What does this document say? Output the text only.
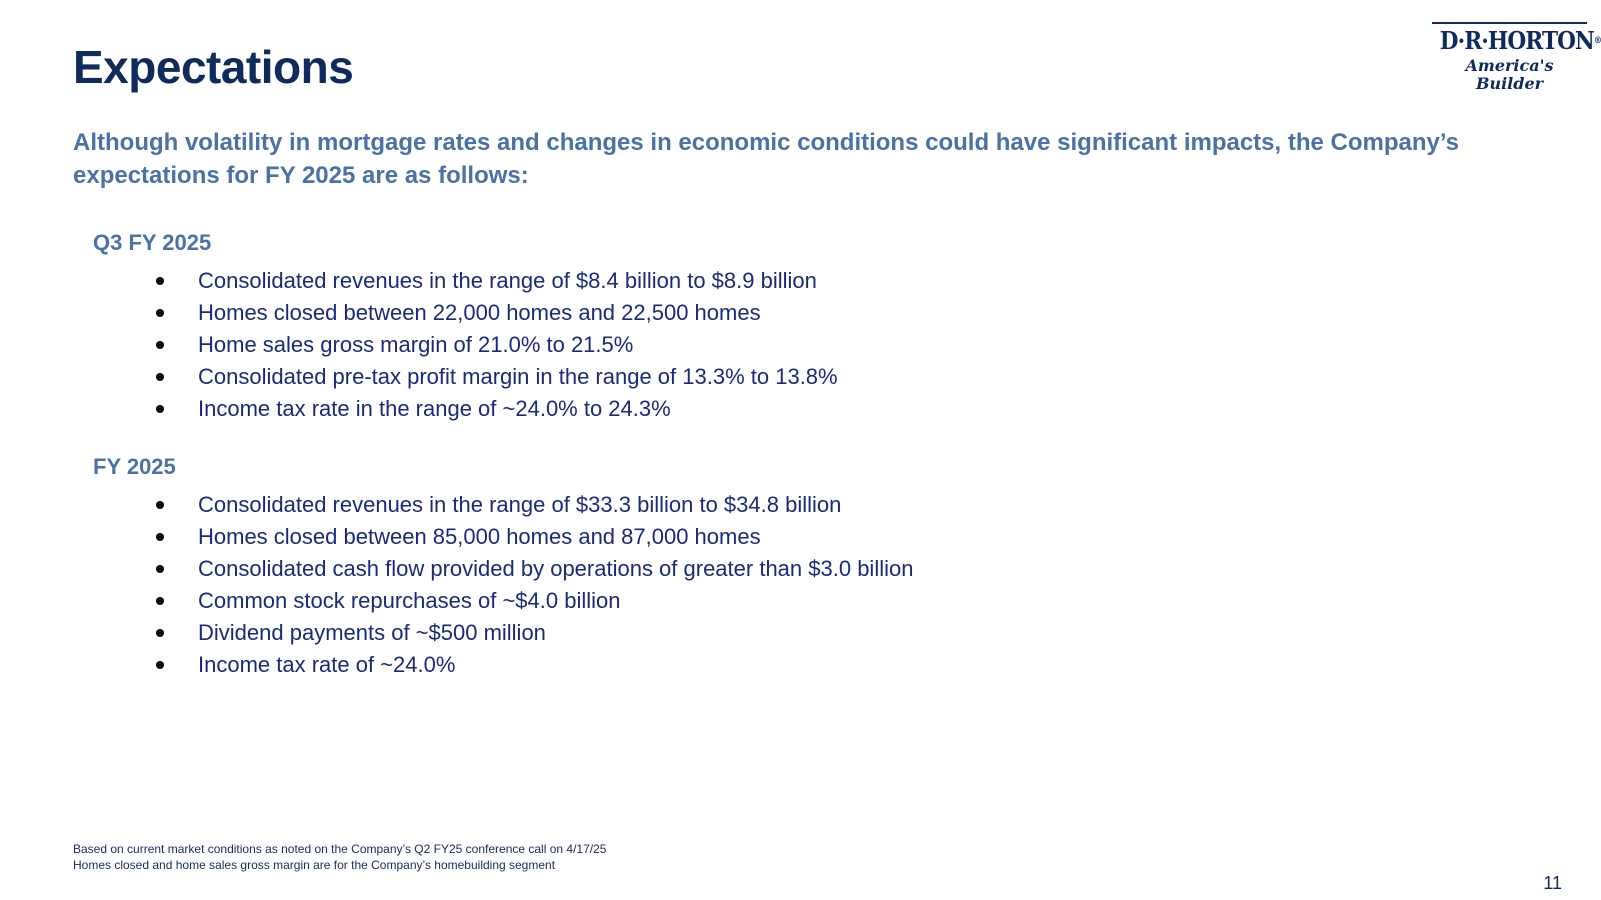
Expectations
D·R·HORTON®
America's Builder

Although volatility in mortgage rates and changes in economic conditions could have significant impacts, the Company’s expectations for FY 2025 are as follows:

Q3 FY 2025
Consolidated revenues in the range of $8.4 billion to $8.9 billion
Homes closed between 22,000 homes and 22,500 homes
Home sales gross margin of 21.0% to 21.5%
Consolidated pre-tax profit margin in the range of 13.3% to 13.8%
Income tax rate in the range of ~24.0% to 24.3%
FY 2025
Consolidated revenues in the range of $33.3 billion to $34.8 billion
Homes closed between 85,000 homes and 87,000 homes
Consolidated cash flow provided by operations of greater than $3.0 billion
Common stock repurchases of ~$4.0 billion
Dividend payments of ~$500 million
Income tax rate of ~24.0%
Based on current market conditions as noted on the Company’s Q2 FY25 conference call on 4/17/25
Homes closed and home sales gross margin are for the Company’s homebuilding segment
11
